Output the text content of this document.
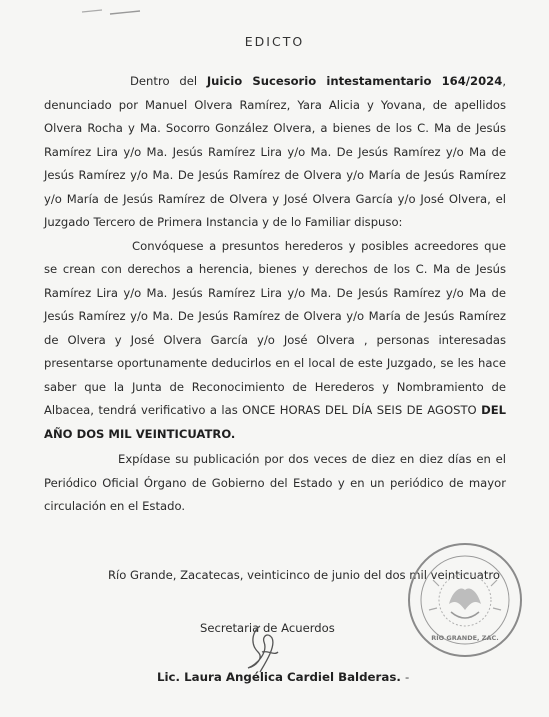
EDICTO

Dentro del Juicio Sucesorio intestamentario 164/2024, denunciado por Manuel Olvera Ramírez, Yara Alicia y Yovana, de apellidos Olvera Rocha y Ma. Socorro González Olvera, a bienes de los C. Ma de Jesús Ramírez Lira y/o Ma. Jesús Ramírez Lira y/o Ma. De Jesús Ramírez y/o Ma de Jesús Ramírez y/o Ma. De Jesús Ramírez de Olvera y/o María de Jesús Ramírez y/o María de Jesús Ramírez de Olvera y José Olvera García y/o José Olvera, el Juzgado Tercero de Primera Instancia y de lo Familiar dispuso:

Convóquese a presuntos herederos y posibles acreedores que se crean con derechos a herencia, bienes y derechos de los C. Ma de Jesús Ramírez Lira y/o Ma. Jesús Ramírez Lira y/o Ma. De Jesús Ramírez y/o Ma de Jesús Ramírez y/o Ma. De Jesús Ramírez de Olvera y/o María de Jesús Ramírez de Olvera y José Olvera García y/o José Olvera , personas interesadas presentarse oportunamente deducirlos en el local de este Juzgado, se les hace saber que la Junta de Reconocimiento de Herederos y Nombramiento de Albacea, tendrá verificativo a las ONCE HORAS DEL DÍA SEIS DE AGOSTO DEL AÑO DOS MIL VEINTICUATRO.

Expídase su publicación por dos veces de diez en diez días en el Periódico Oficial Órgano de Gobierno del Estado y en un periódico de mayor circulación en el Estado.

Río Grande, Zacatecas, veinticinco de junio del dos mil veinticuatro
Secretaria de Acuerdos
Lic. Laura Angélica Cardiel Balderas. -
RÍO GRANDE, ZAC.
